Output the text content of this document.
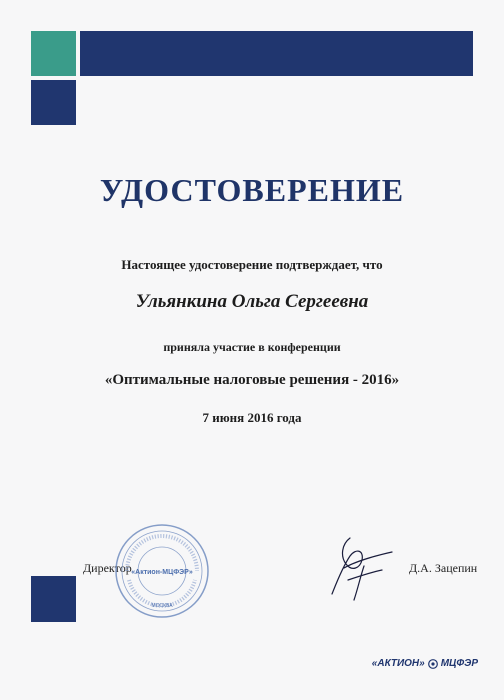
УДОСТОВЕРЕНИЕ
Настоящее удостоверение подтверждает, что
Ульянкина Ольга Сергеевна
приняла участие в конференции
«Оптимальные налоговые решения - 2016»
7 июня 2016 года
Директор «Актион-МЦФЭР»
МОСКВА
Д.А. Зацепин
«АКТИОН» МЦФЭР
